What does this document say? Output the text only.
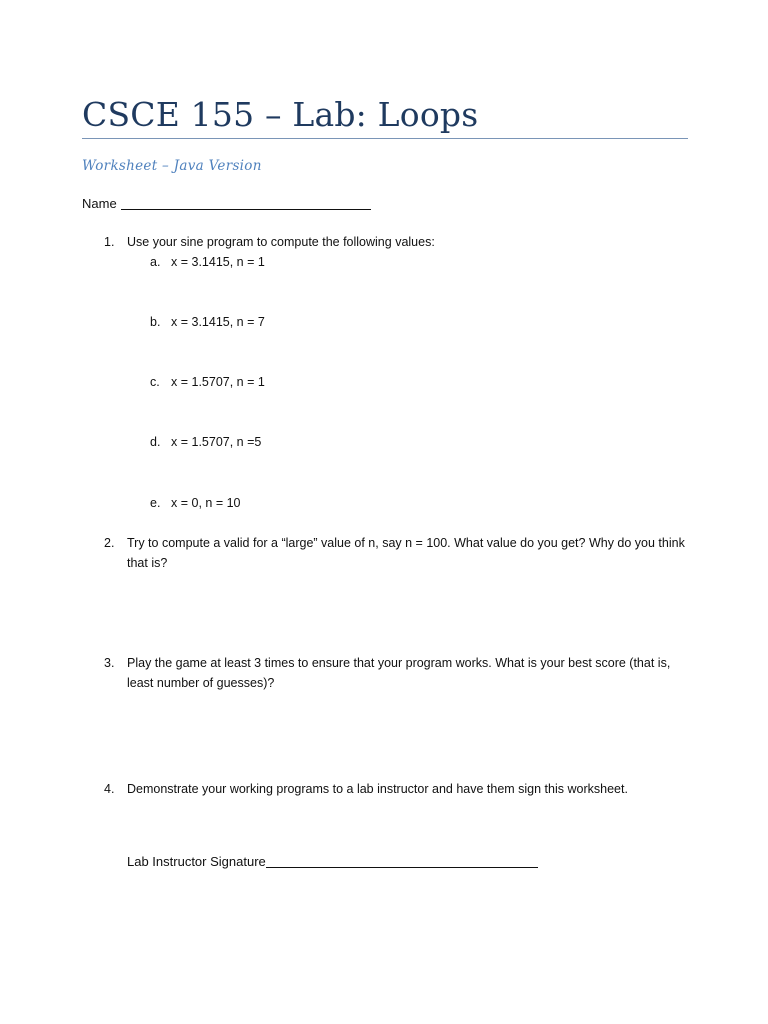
CSCE 155 – Lab: Loops
Worksheet – Java Version
Name
1.	Use your sine program to compute the following values:
a. x = 3.1415, n = 1
b. x = 3.1415, n = 7
c. x = 1.5707, n = 1
d. x = 1.5707, n =5
e. x = 0, n = 10
2.	Try to compute a valid for a “large” value of n, say n = 100. What value do you get? Why do you think that is?
3.	Play the game at least 3 times to ensure that your program works. What is your best score (that is, least number of guesses)?
4.	Demonstrate your working programs to a lab instructor and have them sign this worksheet.
Lab Instructor Signature
